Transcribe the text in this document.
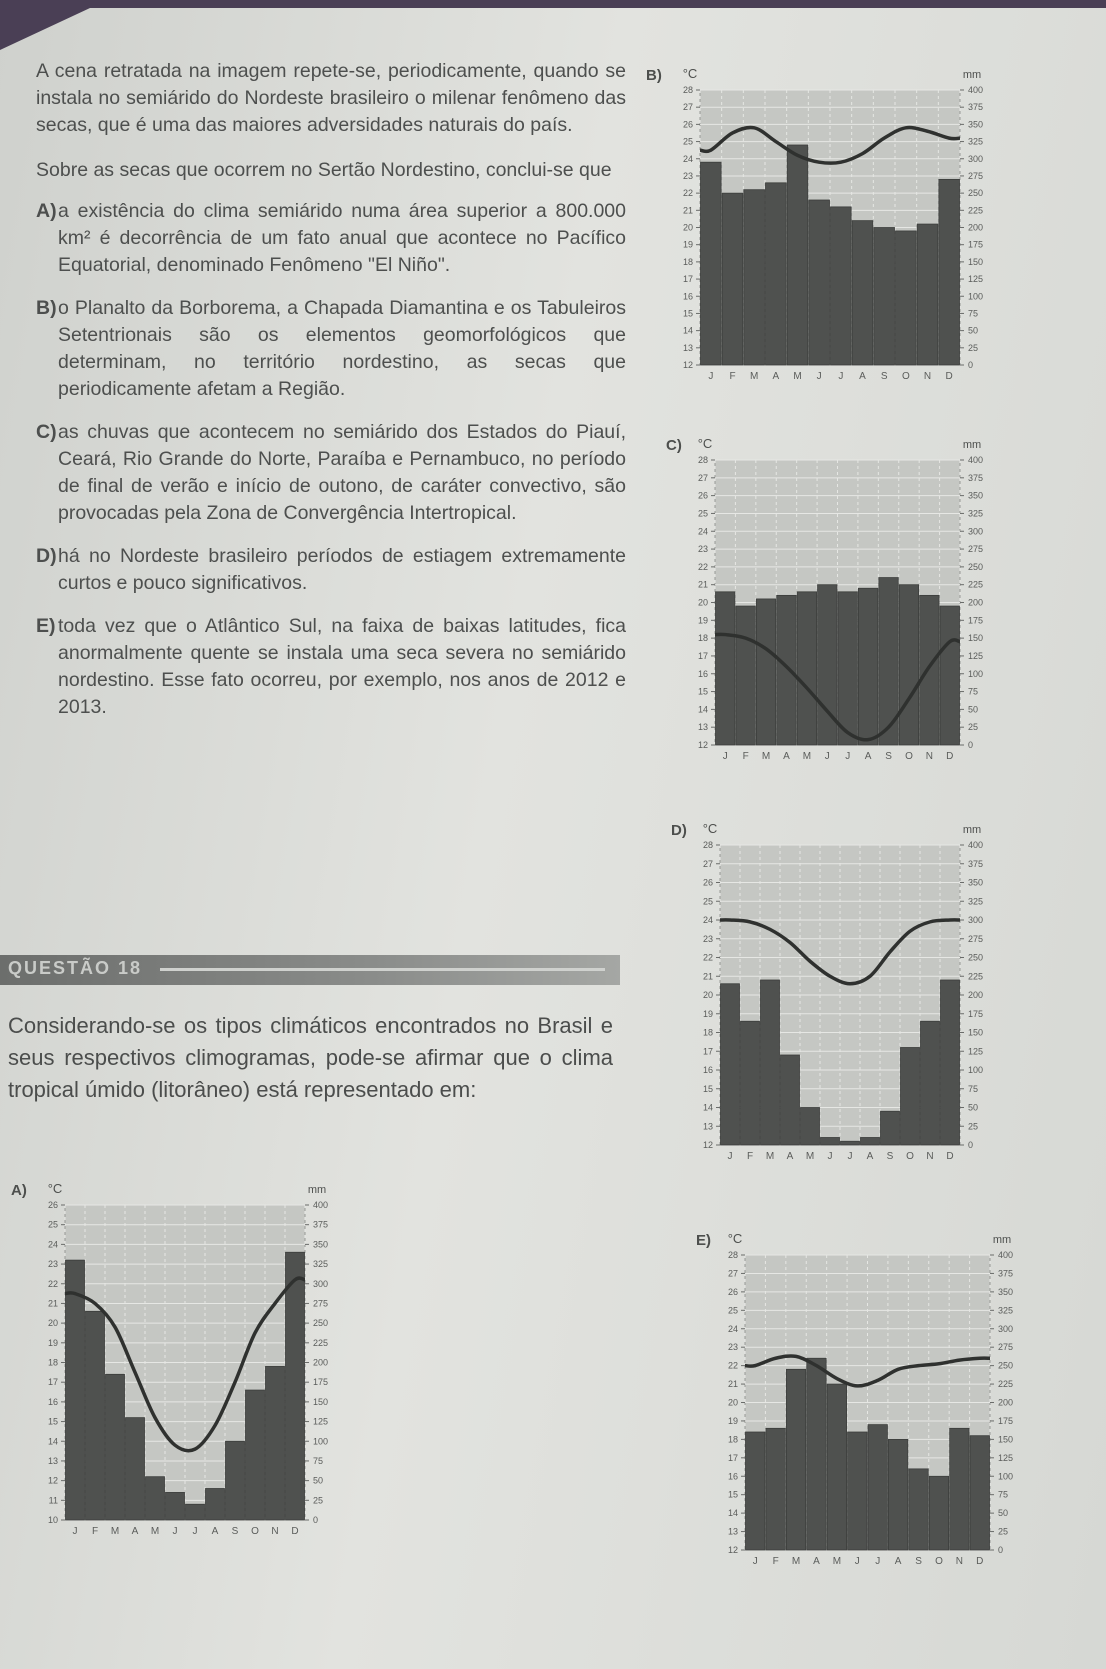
A cena retratada na imagem repete-se, periodicamente, quando se instala no semiárido do Nordeste brasileiro o milenar fenômeno das secas, que é uma das maiores adversidades naturais do país.

Sobre as secas que ocorrem no Sertão Nordestino, conclui-se que

A) a existência do clima semiárido numa área superior a 800.000 km² é decorrência de um fato anual que acontece no Pacífico Equatorial, denominado Fenômeno "El Niño".
B) o Planalto da Borborema, a Chapada Diamantina e os Tabuleiros Setentrionais são os elementos geomorfológicos que determinam, no território nordestino, as secas que periodicamente afetam a Região.
C) as chuvas que acontecem no semiárido dos Estados do Piauí, Ceará, Rio Grande do Norte, Paraíba e Pernambuco, no período de final de verão e início de outono, de caráter convectivo, são provocadas pela Zona de Convergência Intertropical.
D) há no Nordeste brasileiro períodos de estiagem extremamente curtos e pouco significativos.
E) toda vez que o Atlântico Sul, na faixa de baixas latitudes, fica anormalmente quente se instala uma seca severa no semiárido nordestino. Esse fato ocorreu, por exemplo, nos anos de 2012 e 2013.
QUESTÃO 18
Considerando-se os tipos climáticos encontrados no Brasil e seus respectivos climogramas, pode-se afirmar que o clima tropical úmido (litorâneo) está representado em:
12
13
14
15
16
17
18
19
20
21
22
23
24
25
26
27
28
0
25
50
75
100
125
150
175
200
225
250
275
300
325
350
375
400
J F M A M J J A S O N D
°C	mm
B)
12
13
14
15
16
17
18
19
20
21
22
23
24
25
26
27
28
0
25
50
75
100
125
150
175
200
225
250
275
300
325
350
375
400
J F M A M J J A S O N D
°C	mm
C)
12
13
14
15
16
17
18
19
20
21
22
23
24
25
26
27
28
0
25
50
75
100
125
150
175
200
225
250
275
300
325
350
375
400
J F M A M J J A S O N D
°C	mm
D)
12
13
14
15
16
17
18
19
20
21
22
23
24
25
26
27
28
0
25
50
75
100
125
150
175
200
225
250
275
300
325
350
375
400
J F M A M J J A S O N D
°C	mm
E)
10
11
12
13
14
15
16
17
18
19
20
21
22
23
24
25
26
0
25
50
75
100
125
150
175
200
225
250
275
300
325
350
375
400
J F M A M J J A S O N D
°C	mm
A)
